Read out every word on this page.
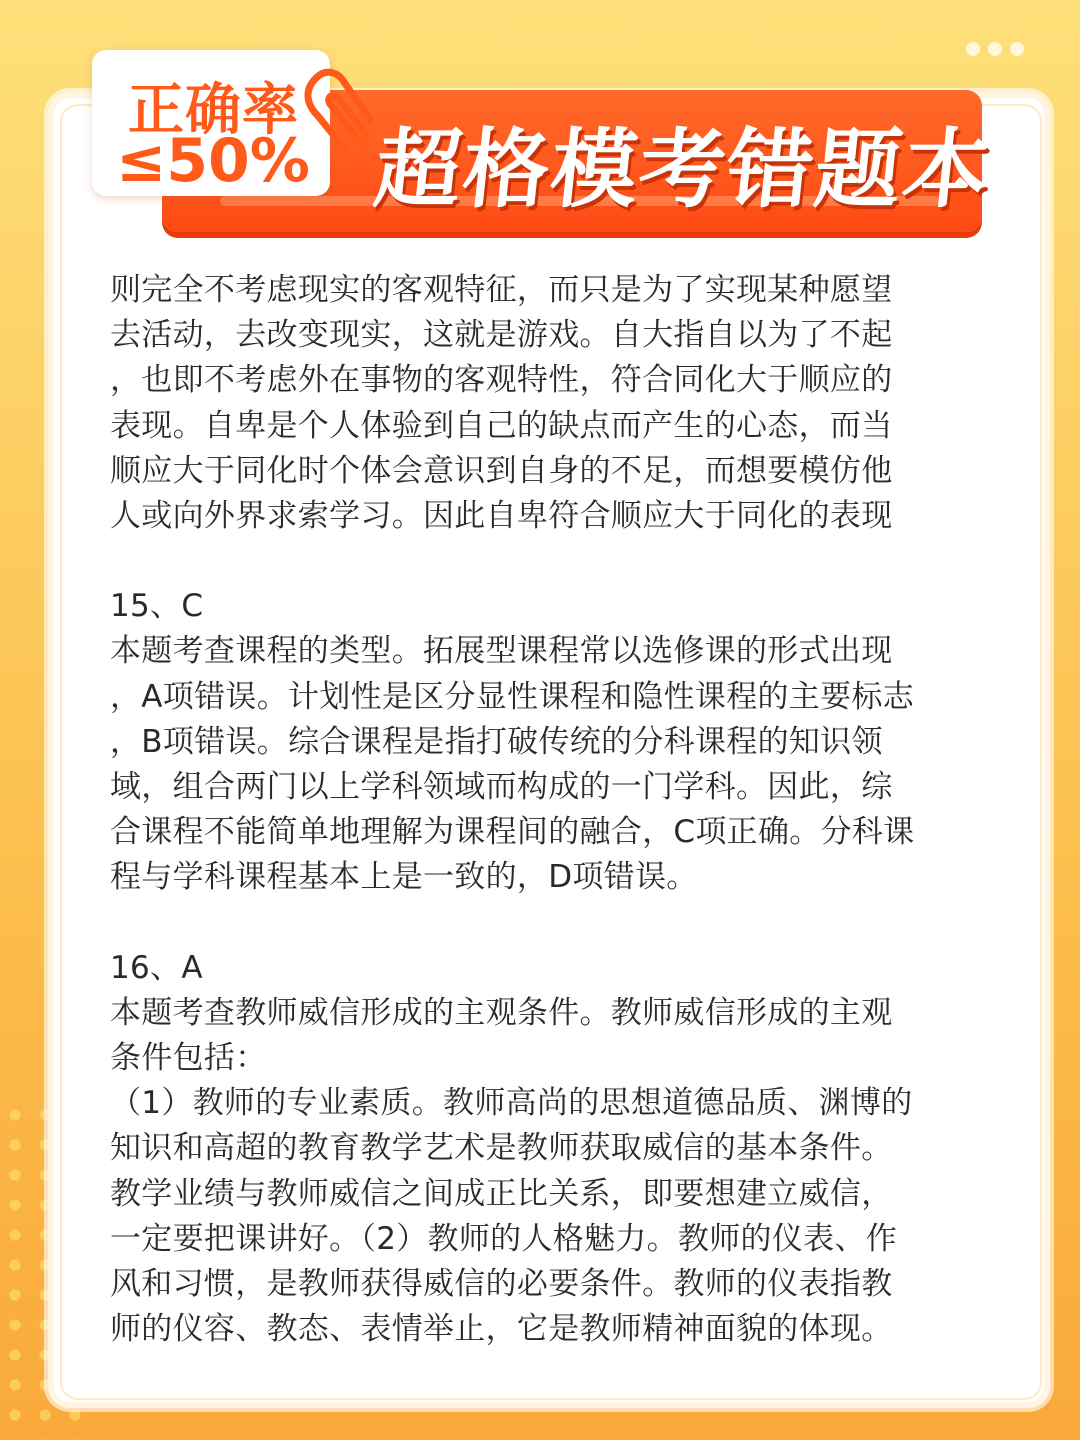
超格模考错题本
正确率
≤50%

则完全不考虑现实的客观特征，而只是为了实现某种愿望

去活动，去改变现实，这就是游戏。自大指自以为了不起

，也即不考虑外在事物的客观特性，符合同化大于顺应的

表现。自卑是个人体验到自己的缺点而产生的心态，而当

顺应大于同化时个体会意识到自身的不足，而想要模仿他

人或向外界求索学习。因此自卑符合顺应大于同化的表现

15、C

本题考查课程的类型。拓展型课程常以选修课的形式出现

，A项错误。计划性是区分显性课程和隐性课程的主要标志

，B项错误。综合课程是指打破传统的分科课程的知识领

域，组合两门以上学科领域而构成的一门学科。因此，综

合课程不能简单地理解为课程间的融合，C项正确。分科课

程与学科课程基本上是一致的，D项错误。

16、A

本题考查教师威信形成的主观条件。教师威信形成的主观

条件包括：

（1）教师的专业素质。教师高尚的思想道德品质、渊博的

知识和高超的教育教学艺术是教师获取威信的基本条件。

教学业绩与教师威信之间成正比关系，即要想建立威信，

一定要把课讲好。（2）教师的人格魅力。教师的仪表、作

风和习惯，是教师获得威信的必要条件。教师的仪表指教

师的仪容、教态、表情举止，它是教师精神面貌的体现。
